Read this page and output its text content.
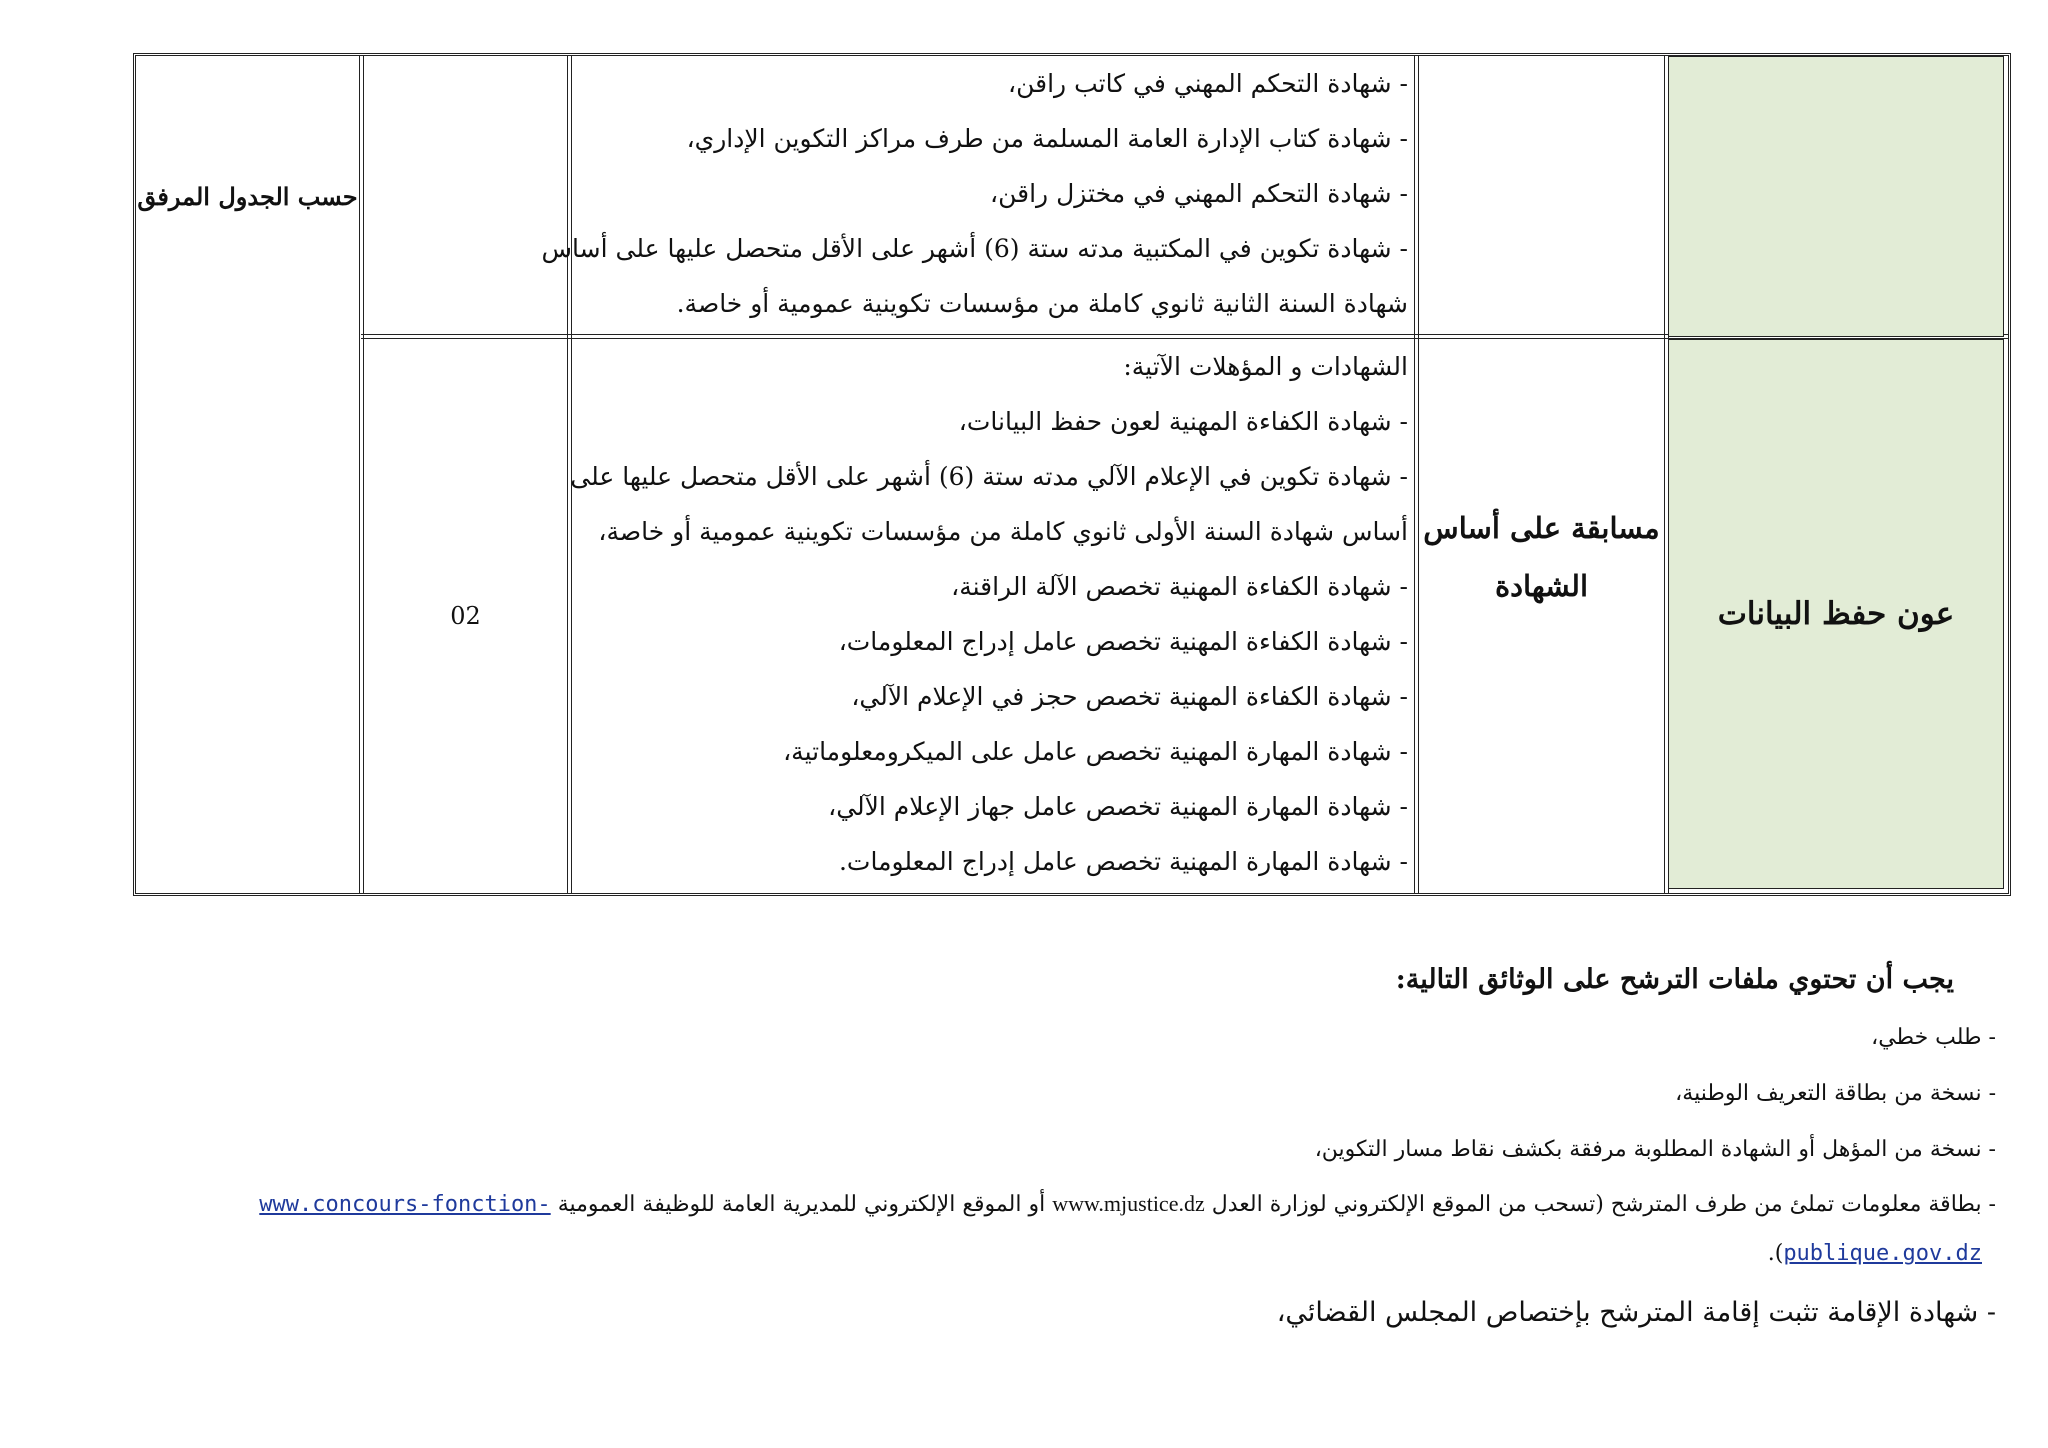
عون حفظ البيانات
مسابقة على أساس
الشهادة
- شهادة التحكم المهني في كاتب راقن،
- شهادة كتاب الإدارة العامة المسلمة من طرف مراكز التكوين الإداري،
- شهادة التحكم المهني في مختزل راقن،
- شهادة تكوين في المكتبية مدته ستة (6) أشهر على الأقل متحصل عليها على أساس
شهادة السنة الثانية ثانوي كاملة من مؤسسات تكوينية عمومية أو خاصة.
الشهادات و المؤهلات الآتية:
- شهادة الكفاءة المهنية لعون حفظ البيانات،
- شهادة تكوين في الإعلام الآلي مدته ستة (6) أشهر على الأقل متحصل عليها على
أساس شهادة السنة الأولى ثانوي كاملة من مؤسسات تكوينية عمومية أو خاصة،
- شهادة الكفاءة المهنية تخصص الآلة الراقنة،
- شهادة الكفاءة المهنية تخصص عامل إدراج المعلومات،
- شهادة الكفاءة المهنية تخصص حجز في الإعلام الآلي،
- شهادة المهارة المهنية تخصص عامل على الميكرومعلوماتية،
- شهادة المهارة المهنية تخصص عامل جهاز الإعلام الآلي،
- شهادة المهارة المهنية تخصص عامل إدراج المعلومات.
02
حسب الجدول المرفق
يجب أن تحتوي ملفات الترشح على الوثائق التالية:
- طلب خطي،
- نسخة من بطاقة التعريف الوطنية،
- نسخة من المؤهل أو الشهادة المطلوبة مرفقة بكشف نقاط مسار التكوين،
- بطاقة معلومات تملئ من طرف المترشح (تسحب من الموقع الإلكتروني لوزارة العدل www.mjustice.dz أو الموقع الإلكتروني للمديرية العامة للوظيفة العمومية www.concours-fonction-
publique.gov.dz).
- شهادة الإقامة تثبت إقامة المترشح بإختصاص المجلس القضائي،
